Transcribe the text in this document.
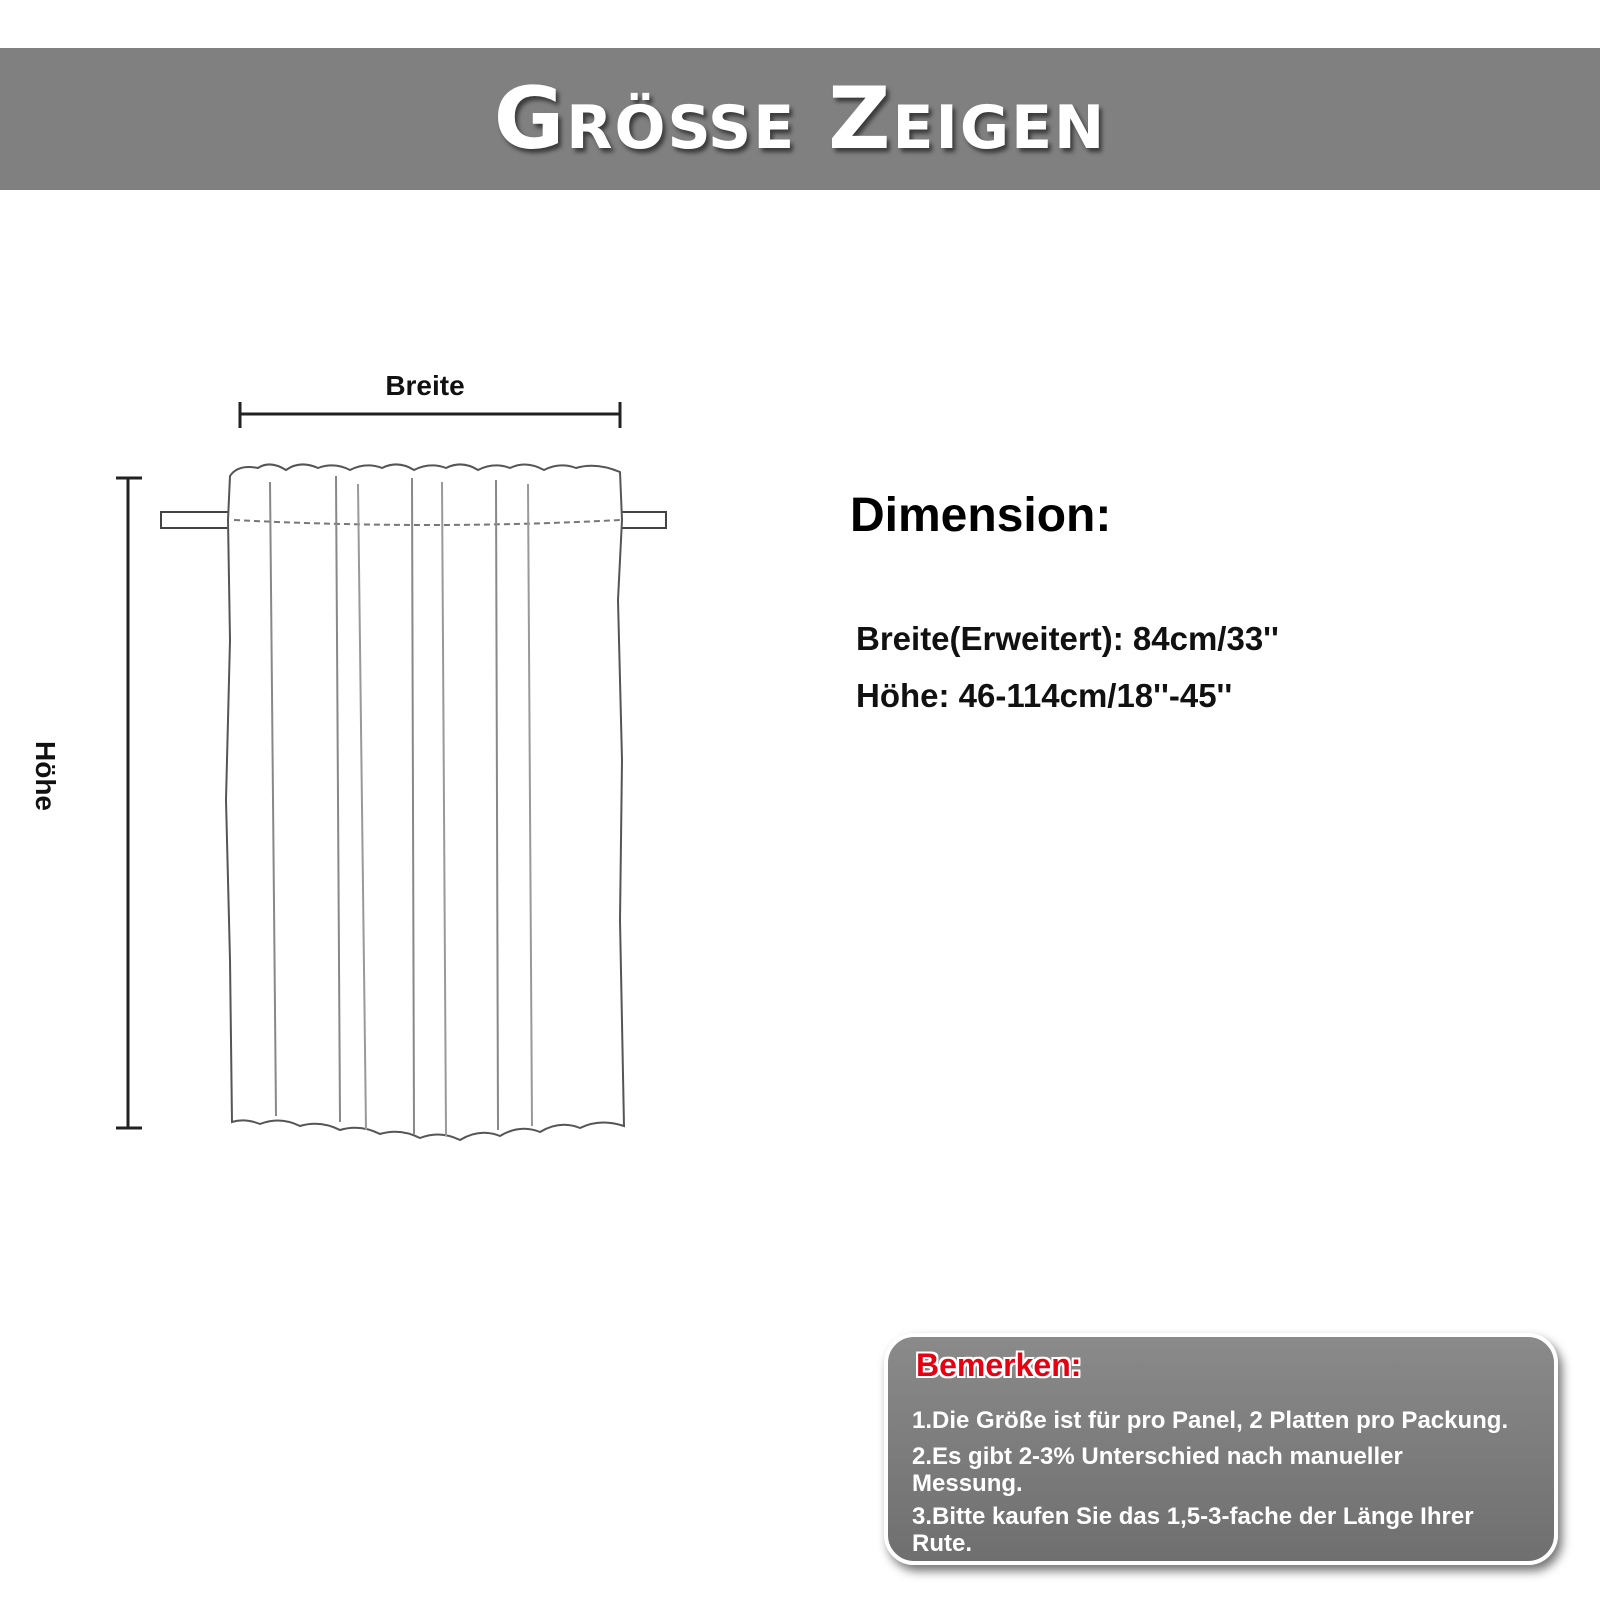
Größe Zeigen
Breite
Höhe
Dimension:
Breite(Erweitert): 84cm/33''
Höhe: 46-114cm/18''-45''
Bemerken:
1.Die Größe ist für pro Panel, 2 Platten pro Packung.
2.Es gibt 2-3% Unterschied nach manueller
Messung.
3.Bitte kaufen Sie das 1,5-3-fache der Länge Ihrer
Rute.
